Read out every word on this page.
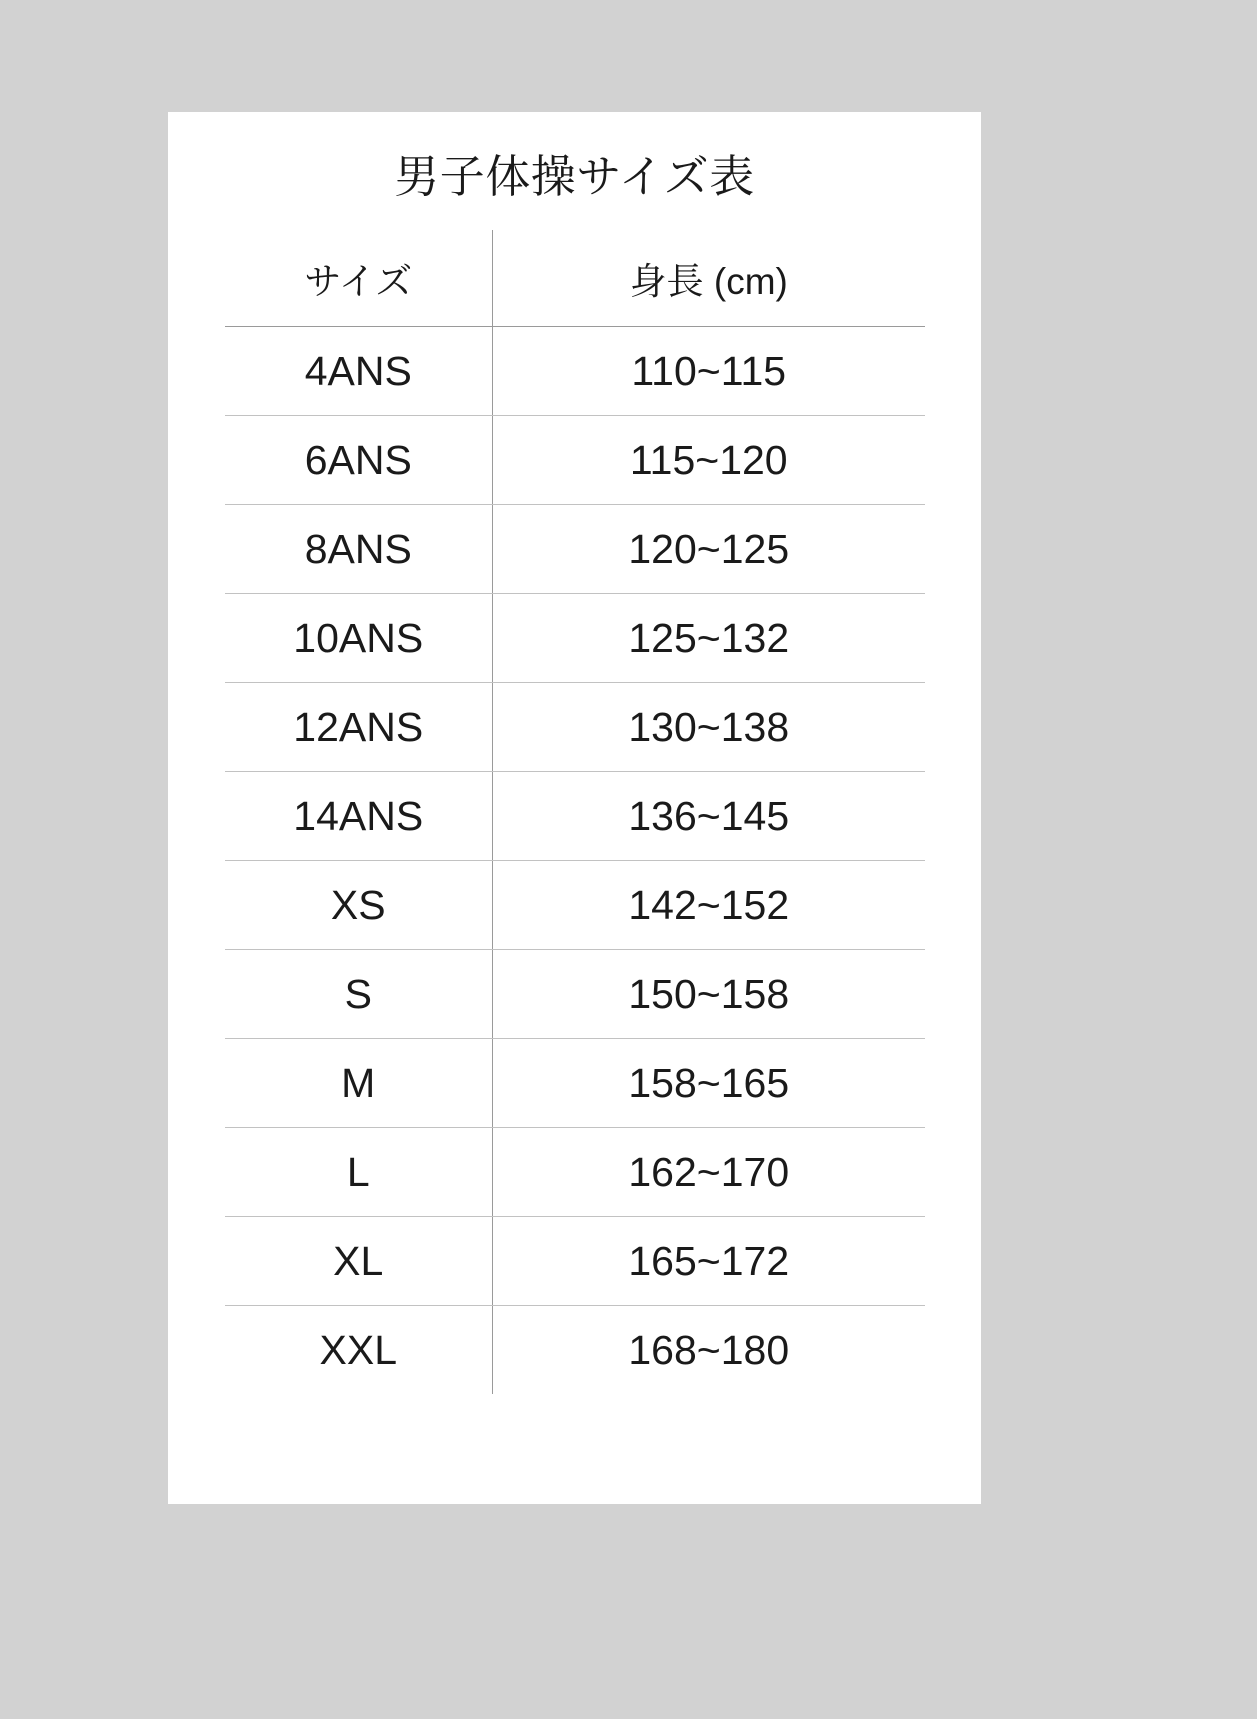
男子体操サイズ表
サイズ	身長 (cm)
4ANS	110~115
6ANS	115~120
8ANS	120~125
10ANS	125~132
12ANS	130~138
14ANS	136~145
XS	142~152
S	150~158
M	158~165
L	162~170
XL	165~172
XXL	168~180
